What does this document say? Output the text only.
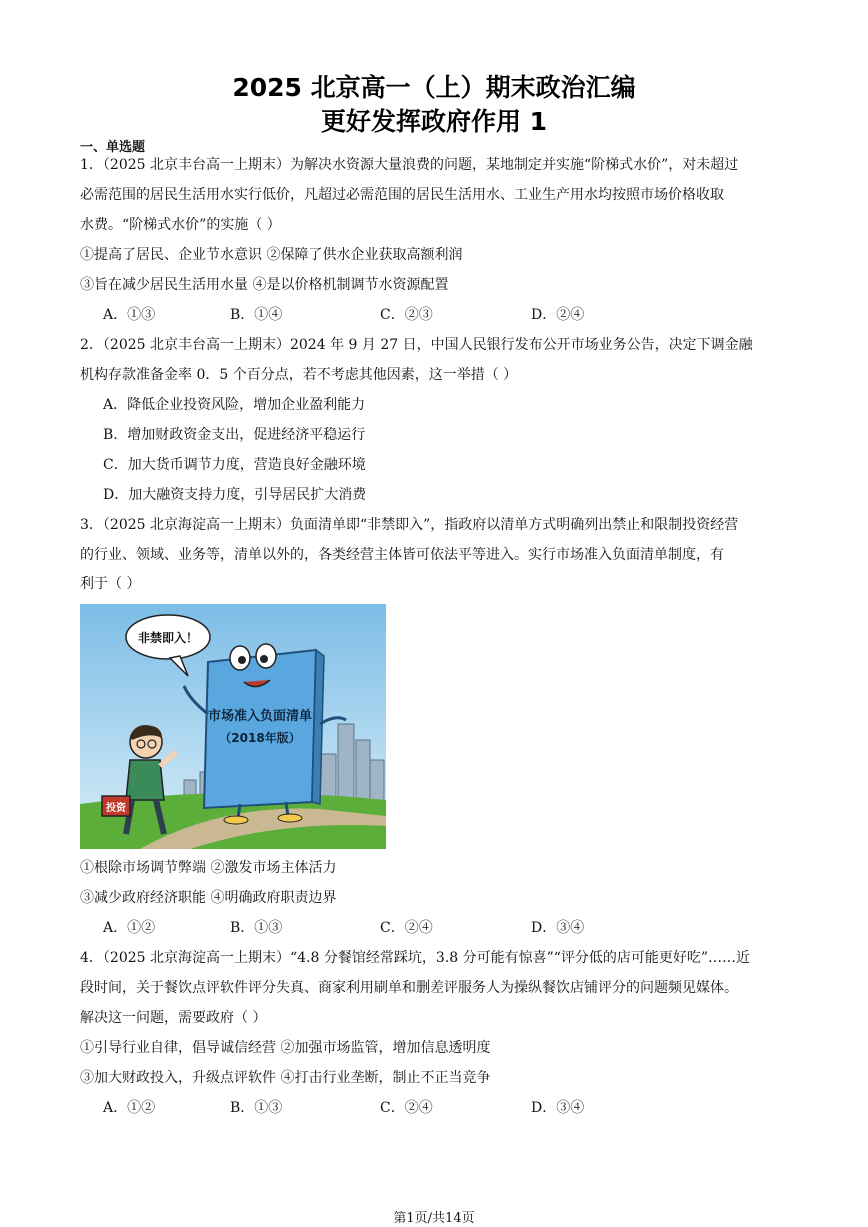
2025 北京高一（上）期末政治汇编
更好发挥政府作用 1
一、单选题
1．（2025 北京丰台高一上期末）为解决水资源大量浪费的问题，某地制定并实施“阶梯式水价”，对未超过
必需范围的居民生活用水实行低价，凡超过必需范围的居民生活用水、工业生产用水均按照市场价格收取
水费。“阶梯式水价”的实施（ ）
①提高了居民、企业节水意识 ②保障了供水企业获取高额利润
③旨在减少居民生活用水量 ④是以价格机制调节水资源配置
A．①③	B．①④	C．②③	D．②④
2．（2025 北京丰台高一上期末）2024 年 9 月 27 日，中国人民银行发布公开市场业务公告，决定下调金融
机构存款准备金率 0．5 个百分点，若不考虑其他因素，这一举措（ ）
A．降低企业投资风险，增加企业盈利能力
B．增加财政资金支出，促进经济平稳运行
C．加大货币调节力度，营造良好金融环境
D．加大融资支持力度，引导居民扩大消费
3．（2025 北京海淀高一上期末）负面清单即“非禁即入”，指政府以清单方式明确列出禁止和限制投资经营
的行业、领域、业务等，清单以外的，各类经营主体皆可依法平等进入。实行市场准入负面清单制度，有
利于（ ）
非禁即入！
市场准入负面清单
（2018年版）
投资
①根除市场调节弊端 ②激发市场主体活力
③减少政府经济职能 ④明确政府职责边界
A．①②	B．①③	C．②④	D．③④
4．（2025 北京海淀高一上期末）“4.8 分餐馆经常踩坑，3.8 分可能有惊喜”“评分低的店可能更好吃”……近
段时间，关于餐饮点评软件评分失真、商家利用刷单和删差评服务人为操纵餐饮店铺评分的问题频见媒体。
解决这一问题，需要政府（ ）
①引导行业自律，倡导诚信经营 ②加强市场监管，增加信息透明度
③加大财政投入，升级点评软件 ④打击行业垄断，制止不正当竞争
A．①②	B．①③	C．②④	D．③④
第1页/共14页
